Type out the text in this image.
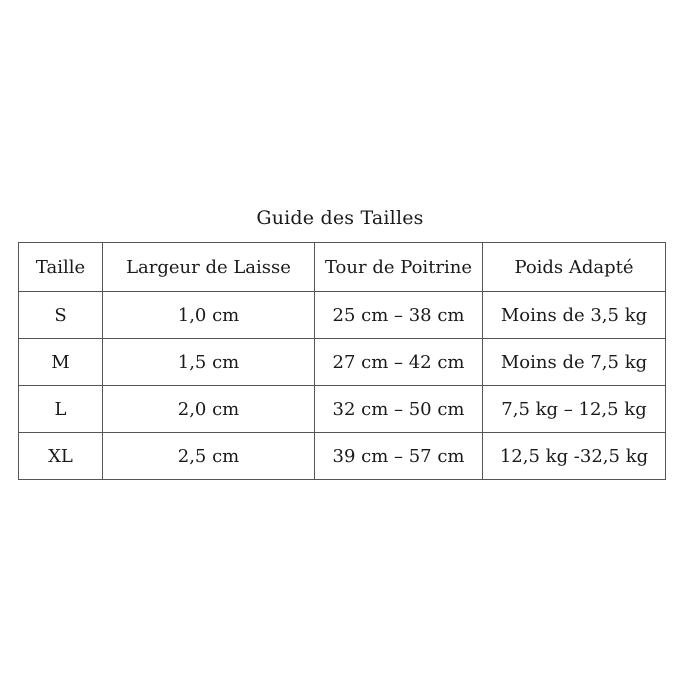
Guide des Tailles
Taille	Largeur de Laisse	Tour de Poitrine	Poids Adapté
S	1,0 cm	25 cm – 38 cm	Moins de 3,5 kg
M	1,5 cm	27 cm – 42 cm	Moins de 7,5 kg
L	2,0 cm	32 cm – 50 cm	7,5 kg – 12,5 kg
XL	2,5 cm	39 cm – 57 cm	12,5 kg -32,5 kg
